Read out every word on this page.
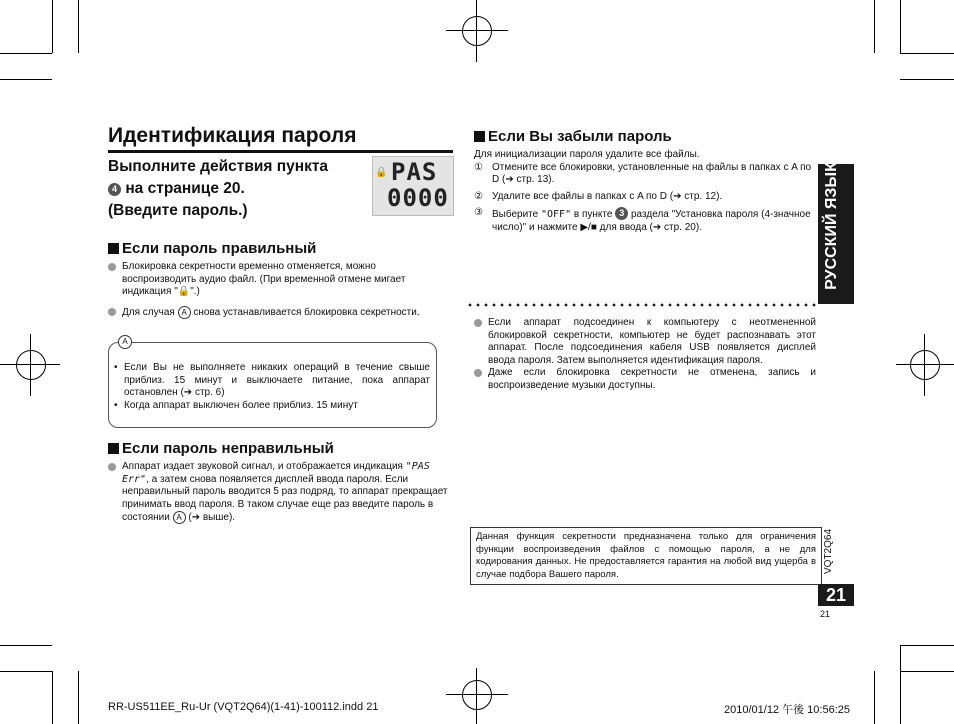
Идентификация пароля
Выполните действия пункта
4 на странице 20.
(Введите пароль.)
🔒 PAS
0000
Если пароль правильный
Блокировка секретности временно отменяется, можно воспроизводить аудио файл. (При временной отмене мигает индикация "🔒".)
Для случая A снова устанавливается блокировка секретности.
A
• Если Вы не выполняете никаких операций в течение свыше приблиз. 15 минут и выключаете питание, пока аппарат остановлен (➔ стр. 6)
• Когда аппарат выключен более приблиз. 15 минут
Если пароль неправильный
Аппарат издает звуковой сигнал, и отображается индикация "PAS Err", а затем снова появляется дисплей ввода пароля. Если неправильный пароль вводится 5 раз подряд, то аппарат прекращает принимать ввод пароля. В таком случае еще раз введите пароль в состоянии A (➔ выше).
Если Вы забыли пароль
Для инициализации пароля удалите все файлы.
① Отмените все блокировки, установленные на файлы в папках с A по D (➔ стр. 13).
② Удалите все файлы в папках с A по D (➔ стр. 12).
③ Выберите "OFF" в пункте 3 раздела "Установка пароля (4-значное число)" и нажмите ▶/■ для ввода (➔ стр. 20).
Если аппарат подсоединен к компьютеру с неотмененной блокировкой секретности, компьютер не будет распознавать этот аппарат. После подсоединения кабеля USB появляется дисплей ввода пароля. Затем выполняется идентификация пароля.
Даже если блокировка секретности не отменена, запись и воспроизведение музыки доступны.
Данная функция секретности предназначена только для ограничения функции воспроизведения файлов с помощью пароля, а не для кодирования данных. Не предоставляется гарантия на любой вид ущерба в случае подбора Вашего пароля.
РУССКИЙ ЯЗЫК
VQT2Q64
21
21
RR-US511EE_Ru-Ur (VQT2Q64)(1-41)-100112.indd 21	2010/01/12 午後 10:56:25
